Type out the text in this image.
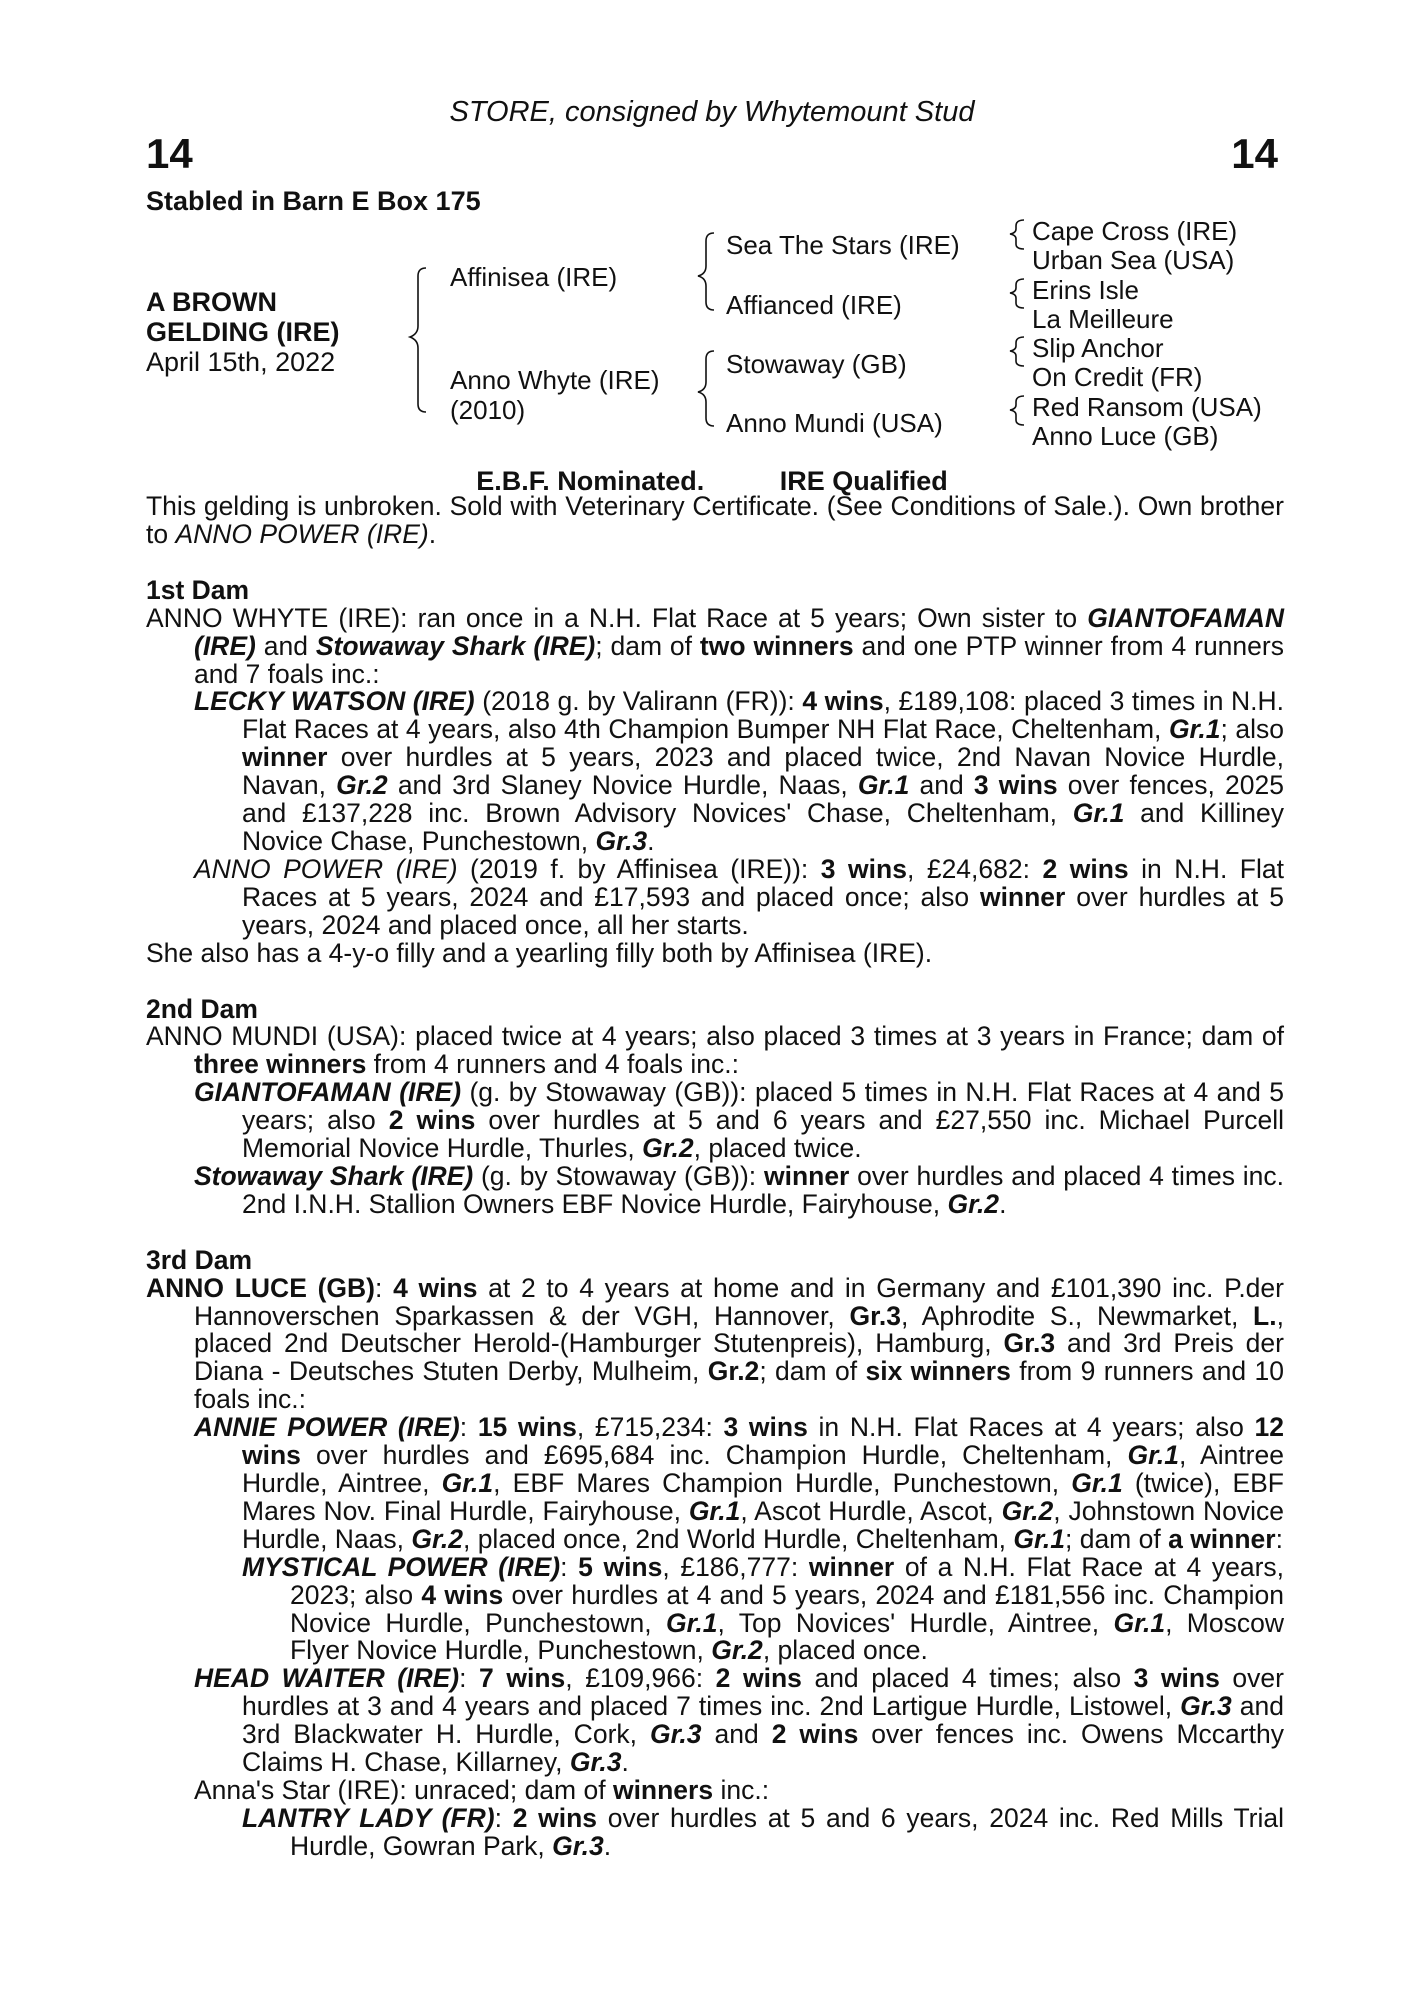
STORE, consigned by Whytemount Stud
14	14
Stabled in Barn E Box 175
A BROWN
GELDING (IRE)
April 15th, 2022
Affinisea (IRE)
Anno Whyte (IRE)
(2010)
Sea The Stars (IRE)
Affianced (IRE)
Stowaway (GB)
Anno Mundi (USA)
Cape Cross (IRE)
Urban Sea (USA)
Erins Isle
La Meilleure
Slip Anchor
On Credit (FR)
Red Ransom (USA)
Anno Luce (GB)
E.B.F. Nominated.	IRE Qualified

This gelding is unbroken. Sold with Veterinary Certificate. (See Conditions of Sale.). Own brother to ANNO POWER (IRE).

1st Dam

ANNO WHYTE (IRE): ran once in a N.H. Flat Race at 5 years; Own sister to GIANTOFAMAN (IRE) and Stowaway Shark (IRE); dam of two winners and one PTP winner from 4 runners and 7 foals inc.:

LECKY WATSON (IRE) (2018 g. by Valirann (FR)): 4 wins, £189,108: placed 3 times in N.H. Flat Races at 4 years, also 4th Champion Bumper NH Flat Race, Cheltenham, Gr.1; also winner over hurdles at 5 years, 2023 and placed twice, 2nd Navan Novice Hurdle, Navan, Gr.2 and 3rd Slaney Novice Hurdle, Naas, Gr.1 and 3 wins over fences, 2025 and £137,228 inc. Brown Advisory Novices' Chase, Cheltenham, Gr.1 and Killiney Novice Chase, Punchestown, Gr.3.

ANNO POWER (IRE) (2019 f. by Affinisea (IRE)): 3 wins, £24,682: 2 wins in N.H. Flat Races at 5 years, 2024 and £17,593 and placed once; also winner over hurdles at 5 years, 2024 and placed once, all her starts.

She also has a 4-y-o filly and a yearling filly both by Affinisea (IRE).

2nd Dam

ANNO MUNDI (USA): placed twice at 4 years; also placed 3 times at 3 years in France; dam of three winners from 4 runners and 4 foals inc.:

GIANTOFAMAN (IRE) (g. by Stowaway (GB)): placed 5 times in N.H. Flat Races at 4 and 5 years; also 2 wins over hurdles at 5 and 6 years and £27,550 inc. Michael Purcell Memorial Novice Hurdle, Thurles, Gr.2, placed twice.

Stowaway Shark (IRE) (g. by Stowaway (GB)): winner over hurdles and placed 4 times inc. 2nd I.N.H. Stallion Owners EBF Novice Hurdle, Fairyhouse, Gr.2.

3rd Dam

ANNO LUCE (GB): 4 wins at 2 to 4 years at home and in Germany and £101,390 inc. P.der Hannoverschen Sparkassen & der VGH, Hannover, Gr.3, Aphrodite S., Newmarket, L., placed 2nd Deutscher Herold-(Hamburger Stutenpreis), Hamburg, Gr.3 and 3rd Preis der Diana - Deutsches Stuten Derby, Mulheim, Gr.2; dam of six winners from 9 runners and 10 foals inc.:

ANNIE POWER (IRE): 15 wins, £715,234: 3 wins in N.H. Flat Races at 4 years; also 12 wins over hurdles and £695,684 inc. Champion Hurdle, Cheltenham, Gr.1, Aintree Hurdle, Aintree, Gr.1, EBF Mares Champion Hurdle, Punchestown, Gr.1 (twice), EBF Mares Nov. Final Hurdle, Fairyhouse, Gr.1, Ascot Hurdle, Ascot, Gr.2, Johnstown Novice Hurdle, Naas, Gr.2, placed once, 2nd World Hurdle, Cheltenham, Gr.1; dam of a winner:

MYSTICAL POWER (IRE): 5 wins, £186,777: winner of a N.H. Flat Race at 4 years, 2023; also 4 wins over hurdles at 4 and 5 years, 2024 and £181,556 inc. Champion Novice Hurdle, Punchestown, Gr.1, Top Novices' Hurdle, Aintree, Gr.1, Moscow Flyer Novice Hurdle, Punchestown, Gr.2, placed once.

HEAD WAITER (IRE): 7 wins, £109,966: 2 wins and placed 4 times; also 3 wins over hurdles at 3 and 4 years and placed 7 times inc. 2nd Lartigue Hurdle, Listowel, Gr.3 and 3rd Blackwater H. Hurdle, Cork, Gr.3 and 2 wins over fences inc. Owens Mccarthy Claims H. Chase, Killarney, Gr.3.

Anna's Star (IRE): unraced; dam of winners inc.:

LANTRY LADY (FR): 2 wins over hurdles at 5 and 6 years, 2024 inc. Red Mills Trial Hurdle, Gowran Park, Gr.3.
